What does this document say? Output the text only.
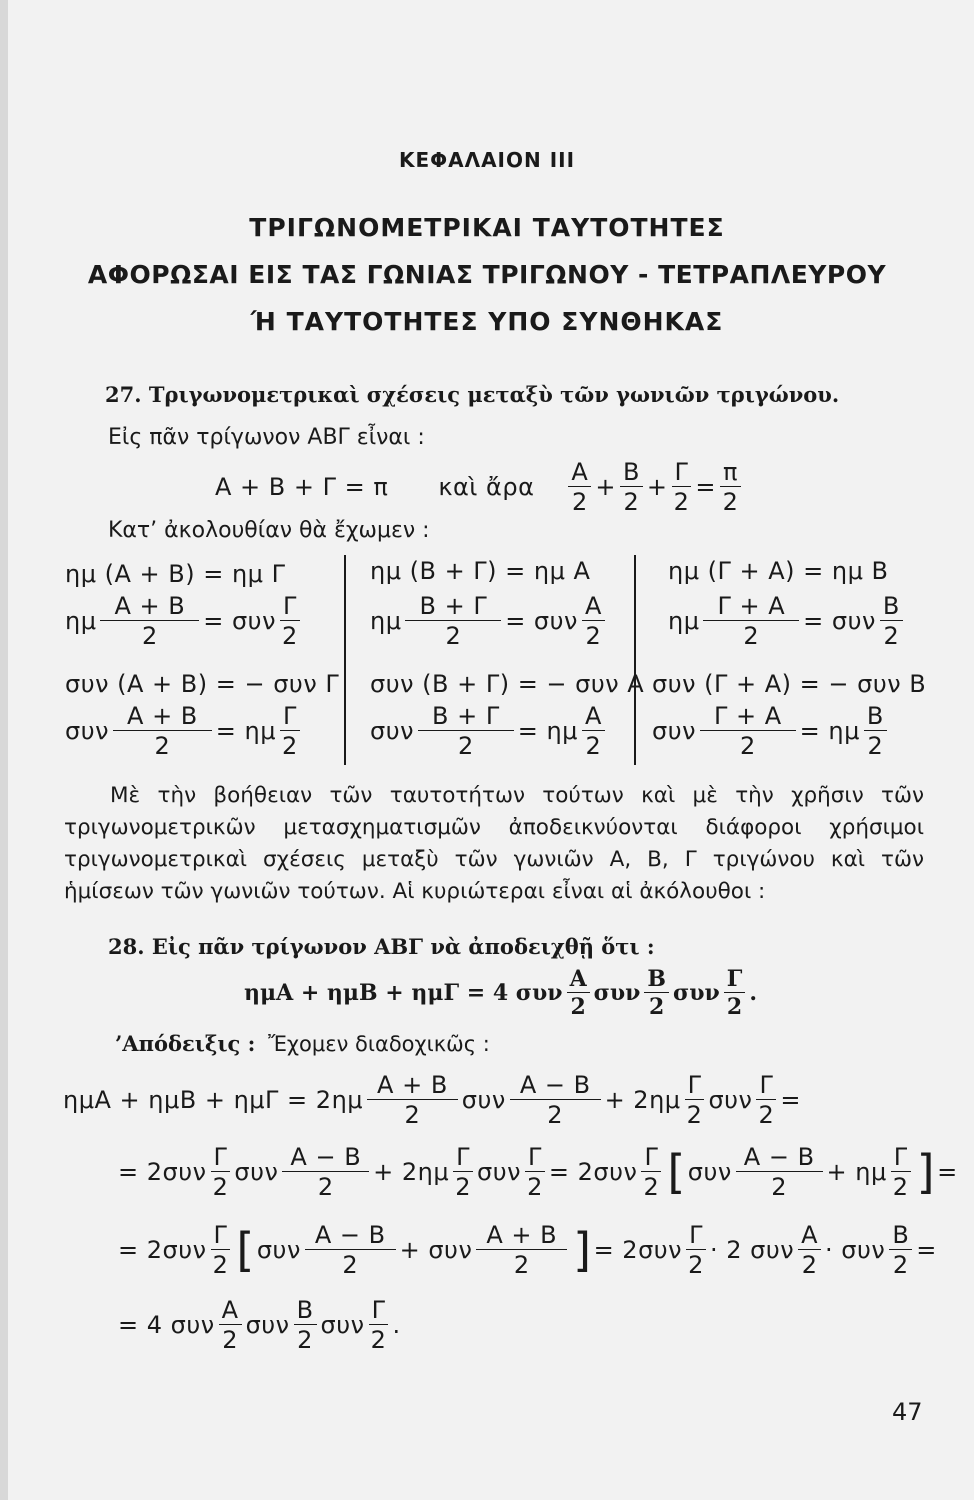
ΚΕΦΑΛΑΙΟΝ III
ΤΡΙΓΩΝΟΜΕΤΡΙΚΑΙ ΤΑΥΤΟΤΗΤΕΣ
ΑΦΟΡΩΣΑΙ ΕΙΣ ΤΑΣ ΓΩΝΙΑΣ ΤΡΙΓΩΝΟΥ - ΤΕΤΡΑΠΛΕΥΡΟΥ
Ή ΤΑΥΤΟΤΗΤΕΣ ΥΠΟ ΣΥΝΘΗΚΑΣ
27. Τριγωνομετρικαὶ σχέσεις μεταξὺ τῶν γωνιῶν τριγώνου.
Εἰς πᾶν τρίγωνον ΑΒΓ εἶναι :
Α + Β + Γ = π καὶ ἄρα $\frac{A}{2} + \frac{B}{2} + \frac{\Gamma}{2} = \frac{\pi}{2}$
Κατ’ ἀκολουθίαν θὰ ἔχωμεν :
ημ (Α + Β) = ημ Γ	ημ (Β + Γ) = ημ Α	ημ (Γ + Α) = ημ Β
ημ $\frac{A + B}{2} = \sigma\upsilon\nu \frac{\Gamma}{2}$	ημ $\frac{B + \Gamma}{2} = \sigma\upsilon\nu \frac{A}{2}$	ημ $\frac{\Gamma + A}{2} = \sigma\upsilon\nu \frac{B}{2}$
συν (Α + Β) = − συν Γ συν (Β + Γ) = − συν Α συν (Γ + Α) = − συν Β
συν $\frac{A + B}{2} = \eta\mu \frac{\Gamma}{2}$	συν $\frac{B + \Gamma}{2} = \eta\mu \frac{A}{2}$ συν $\frac{\Gamma + A}{2} = \eta\mu \frac{B}{2}$
Μὲ τὴν βοήθειαν τῶν ταυτοτήτων τούτων καὶ μὲ τὴν χρῆσιν τῶν τριγωνομετρικῶν μετασχηματισμῶν ἀποδεικνύονται διάφοροι χρήσιμοι τριγωνομετρικαὶ σχέσεις μεταξὺ τῶν γωνιῶν Α, Β, Γ τριγώνου καὶ τῶν ἡμίσεων τῶν γωνιῶν τούτων. Αἱ κυριώτεραι εἶναι αἱ ἀκόλουθοι :
28. Εἰς πᾶν τρίγωνον ΑΒΓ νὰ ἀποδειχθῇ ὅτι :
ημΑ + ημΒ + ημΓ = 4 συν $\frac{A}{2}$ συν $\frac{B}{2}$ συν $\frac{\Gamma}{2}$ .
’Απόδειξις : Ἔχομεν διαδοχικῶς :
$\eta\mu A + \eta\mu B + \eta\mu\Gamma = 2\eta\mu \frac{A + B}{2}$ συν $\frac{A - B}{2} + 2\eta\mu \frac{\Gamma}{2}$ συν $\frac{\Gamma}{2}$ =
= $2\sigma\upsilon\nu \frac{\Gamma}{2}$ συν $\frac{A - B}{2} + 2\eta\mu \frac{\Gamma}{2}$ συν $\frac{\Gamma}{2} = 2\sigma\upsilon\nu \frac{\Gamma}{2}$ [ συν $\frac{A - B}{2} + \eta\mu \frac{\Gamma}{2}$ ] =
= $2\sigma\upsilon\nu \frac{\Gamma}{2}$ [ συν $\frac{A - B}{2} + \sigma\upsilon\nu \frac{A + B}{2}$ ] = $2\sigma\upsilon\nu \frac{\Gamma}{2} \cdot 2$ συν $\frac{A}{2} \cdot \sigma\upsilon\nu \frac{B}{2}$ =
= 4 συν $\frac{A}{2}$ συν $\frac{B}{2}$ συν $\frac{\Gamma}{2}$ .
47
